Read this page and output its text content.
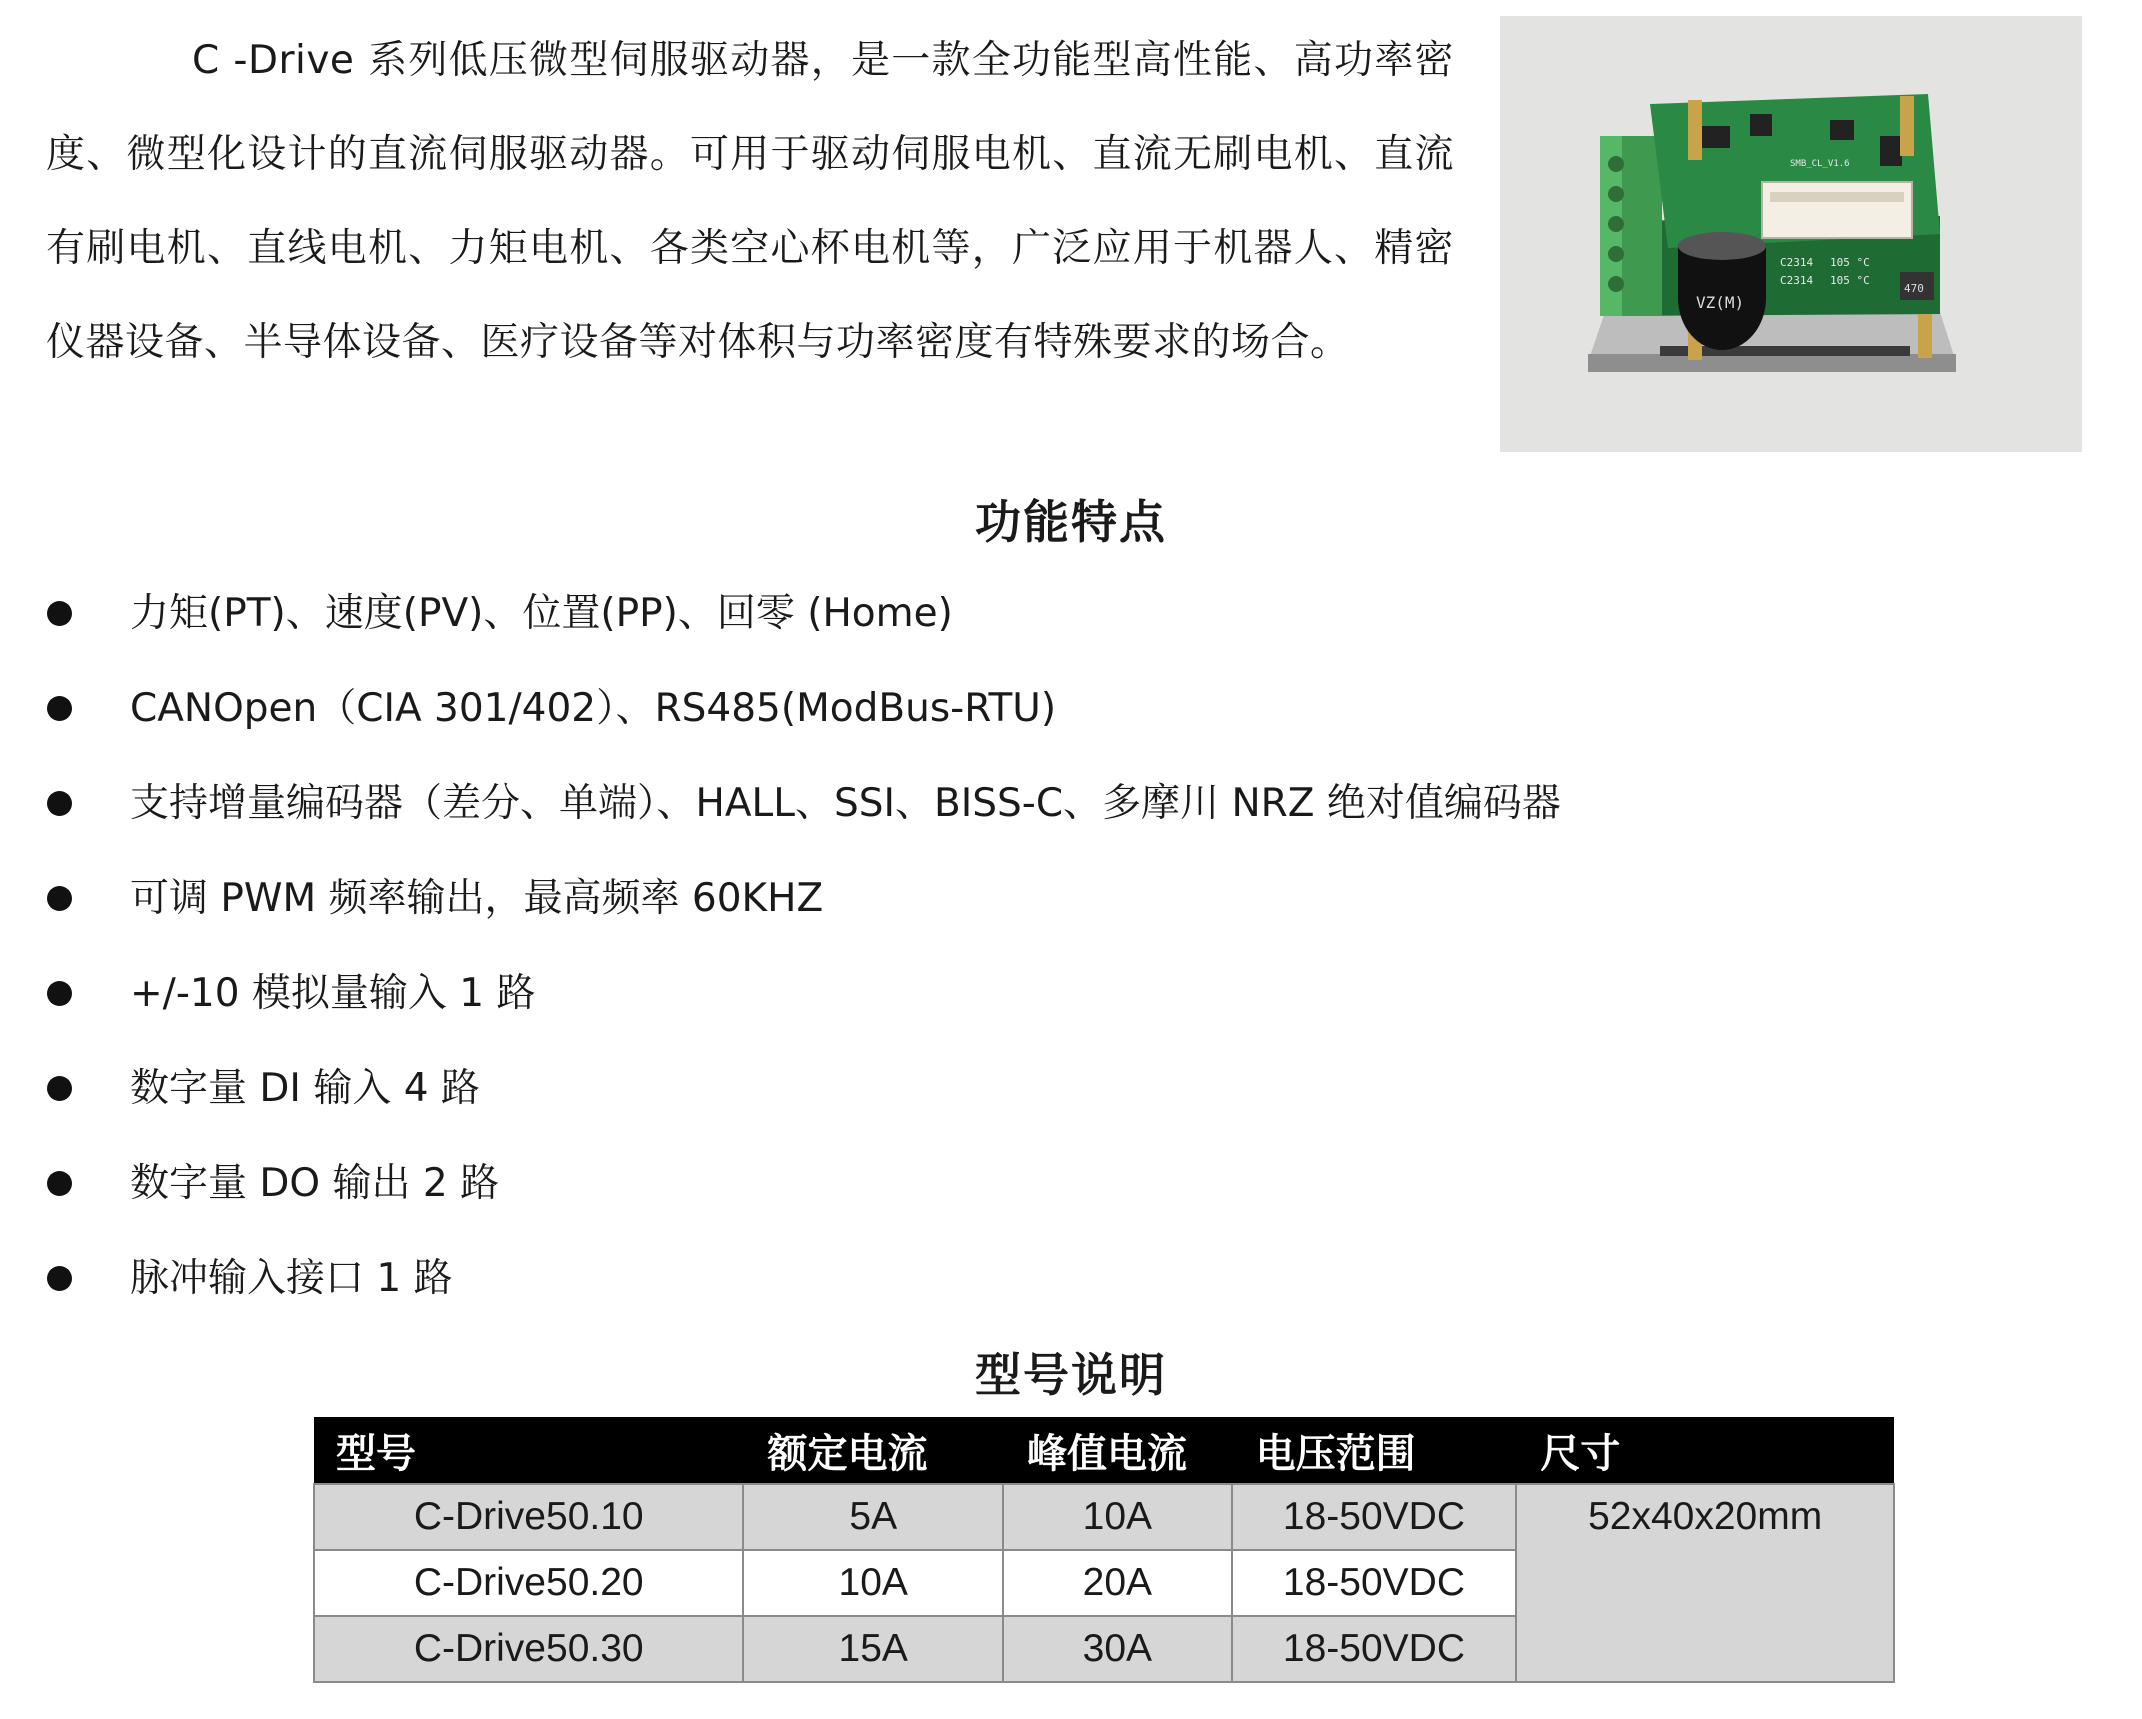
C -Drive 系列低压微型伺服驱动器，是一款全功能型高性能、高功率密度、微型化设计的直流伺服驱动器。可用于驱动伺服电机、直流无刷电机、直流有刷电机、直线电机、力矩电机、各类空心杯电机等，广泛应用于机器人、精密仪器设备、半导体设备、医疗设备等对体积与功率密度有特殊要求的场合。

VZ(M)
C2314 105 °C
C2314 105 °C
SMB_CL_V1.6
470
功能特点
力矩(PT)、速度(PV)、位置(PP)、回零 (Home)
CANOpen（CIA 301/402）、RS485(ModBus-RTU)
支持增量编码器（差分、单端）、HALL、SSI、BISS-C、多摩川 NRZ 绝对值编码器
可调 PWM 频率输出，最高频率 60KHZ
+/-10 模拟量输入 1 路
数字量 DI 输入 4 路
数字量 DO 输出 2 路
脉冲输入接口 1 路
型号说明
型号	额定电流	峰值电流	电压范围	尺寸
C-Drive50.10	5A	10A	18-50VDC	52x40x20mm
C-Drive50.20	10A	20A	18-50VDC	
C-Drive50.30	15A	30A	18-50VDC	
